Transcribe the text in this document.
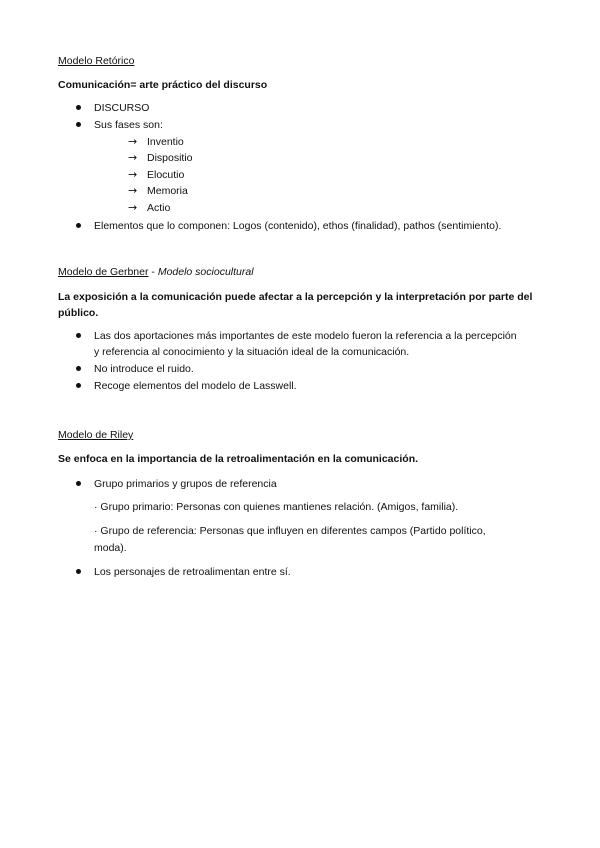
Modelo Retórico
Comunicación= arte práctico del discurso
DISCURSO
Sus fases son:
→ Inventio
→ Dispositio
→ Elocutio
→ Memoria
→ Actio
Elementos que lo componen: Logos (contenido), ethos (finalidad), pathos (sentimiento).
Modelo de Gerbner - Modelo sociocultural
La exposición a la comunicación puede afectar a la percepción y la interpretación por parte del
público.
Las dos aportaciones más importantes de este modelo fueron la referencia a la percepción
y referencia al conocimiento y la situación ideal de la comunicación.
No introduce el ruido.
Recoge elementos del modelo de Lasswell.
Modelo de Riley
Se enfoca en la importancia de la retroalimentación en la comunicación.
Grupo primarios y grupos de referencia
· Grupo primario: Personas con quienes mantienes relación. (Amigos, familia).
· Grupo de referencia: Personas que influyen en diferentes campos (Partido político,
moda).
Los personajes de retroalimentan entre sí.
